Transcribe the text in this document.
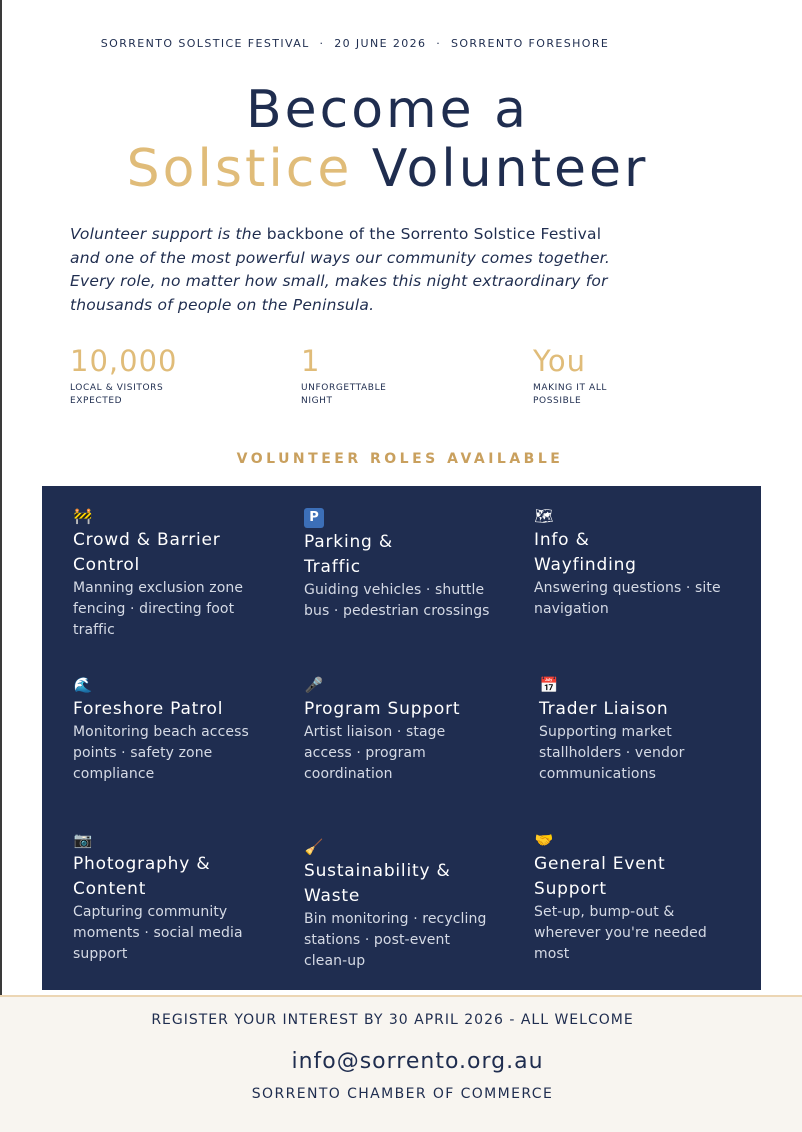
SORRENTO SOLSTICE FESTIVAL · 20 JUNE 2026 · SORRENTO FORESHORE
Become a
Solstice Volunteer
Volunteer support is the backbone of the Sorrento Solstice Festival and one of the most powerful ways our community comes together. Every role, no matter how small, makes this night extraordinary for thousands of people on the Peninsula.
10,000
LOCAL & VISITORS EXPECTED
1
UNFORGETTABLE NIGHT
You
MAKING IT ALL POSSIBLE
VOLUNTEER ROLES AVAILABLE
🚧
Crowd & Barrier Control
Manning exclusion zone fencing · directing foot traffic
P
Parking & Traffic
Guiding vehicles · shuttle bus · pedestrian crossings
🗺
Info & Wayfinding
Answering questions · site navigation
🌊
Foreshore Patrol
Monitoring beach access points · safety zone compliance
🎤
Program Support
Artist liaison · stage access · program coordination
📅
Trader Liaison
Supporting market stallholders · vendor communications
📷
Photography & Content
Capturing community moments · social media support
🧹
Sustainability & Waste
Bin monitoring · recycling stations · post-event clean-up
🤝
General Event Support
Set-up, bump-out & wherever you're needed most
REGISTER YOUR INTEREST BY 30 APRIL 2026 - ALL WELCOME
info@sorrento.org.au
SORRENTO CHAMBER OF COMMERCE
